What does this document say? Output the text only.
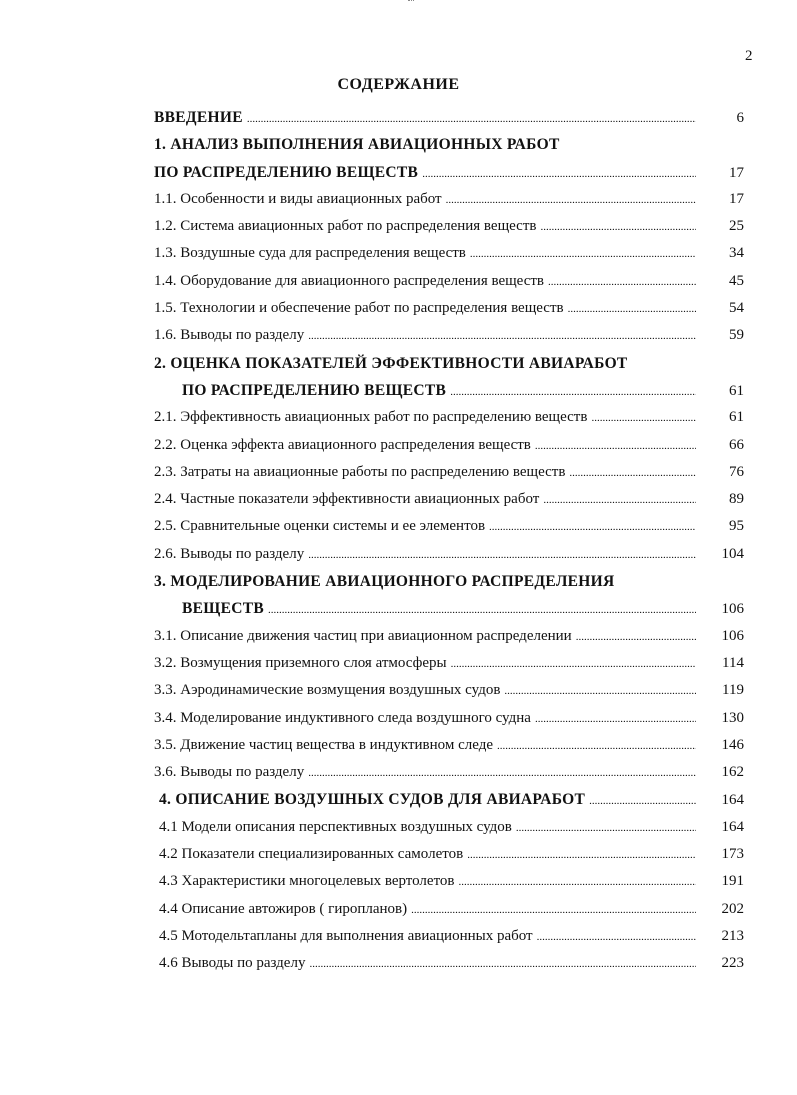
2
СОДЕРЖАНИЕ
ВВЕДЕНИЕ .....	6
1. АНАЛИЗ ВЫПОЛНЕНИЯ АВИАЦИОННЫХ РАБОТ
ПО РАСПРЕДЕЛЕНИЮ ВЕЩЕСТВ .....	17
1.1. Особенности и виды авиационных работ .....	17
1.2. Система авиационных работ по распределения веществ .....	25
1.3. Воздушные суда для распределения веществ .....	34
1.4. Оборудование для авиационного распределения веществ .....	45
1.5. Технологии и обеспечение работ по распределения веществ .....	54
1.6. Выводы по разделу .....	59
2. ОЦЕНКА ПОКАЗАТЕЛЕЙ ЭФФЕКТИВНОСТИ АВИАРАБОТ
ПО РАСПРЕДЕЛЕНИЮ ВЕЩЕСТВ .....	61
2.1. Эффективность авиационных работ по распределению веществ .....	61
2.2. Оценка эффекта авиационного распределения веществ .....	66
2.3. Затраты на авиационные работы по распределению веществ .....	76
2.4. Частные показатели эффективности авиационных работ .....	89
2.5. Сравнительные оценки системы и ее элементов .....	95
2.6. Выводы по разделу .....	104
3. МОДЕЛИРОВАНИЕ АВИАЦИОННОГО РАСПРЕДЕЛЕНИЯ
ВЕЩЕСТВ .....	106
3.1. Описание движения частиц при авиационном распределении .....	106
3.2. Возмущения приземного слоя атмосферы .....	114
3.3. Аэродинамические возмущения воздушных судов .....	119
3.4. Моделирование индуктивного следа воздушного судна .....	130
3.5. Движение частиц вещества в индуктивном следе .....	146
3.6. Выводы по разделу .....	162
4. ОПИСАНИЕ ВОЗДУШНЫХ СУДОВ ДЛЯ АВИАРАБОТ .....	164
4.1 Модели описания перспективных воздушных судов .....	164
4.2 Показатели специализированных самолетов .....	173
4.3 Характеристики многоцелевых вертолетов .....	191
4.4 Описание автожиров ( гиропланов) .....	202
4.5 Мотодельтапланы для выполнения авиационных работ .....	213
4.6 Выводы по разделу .....	223
